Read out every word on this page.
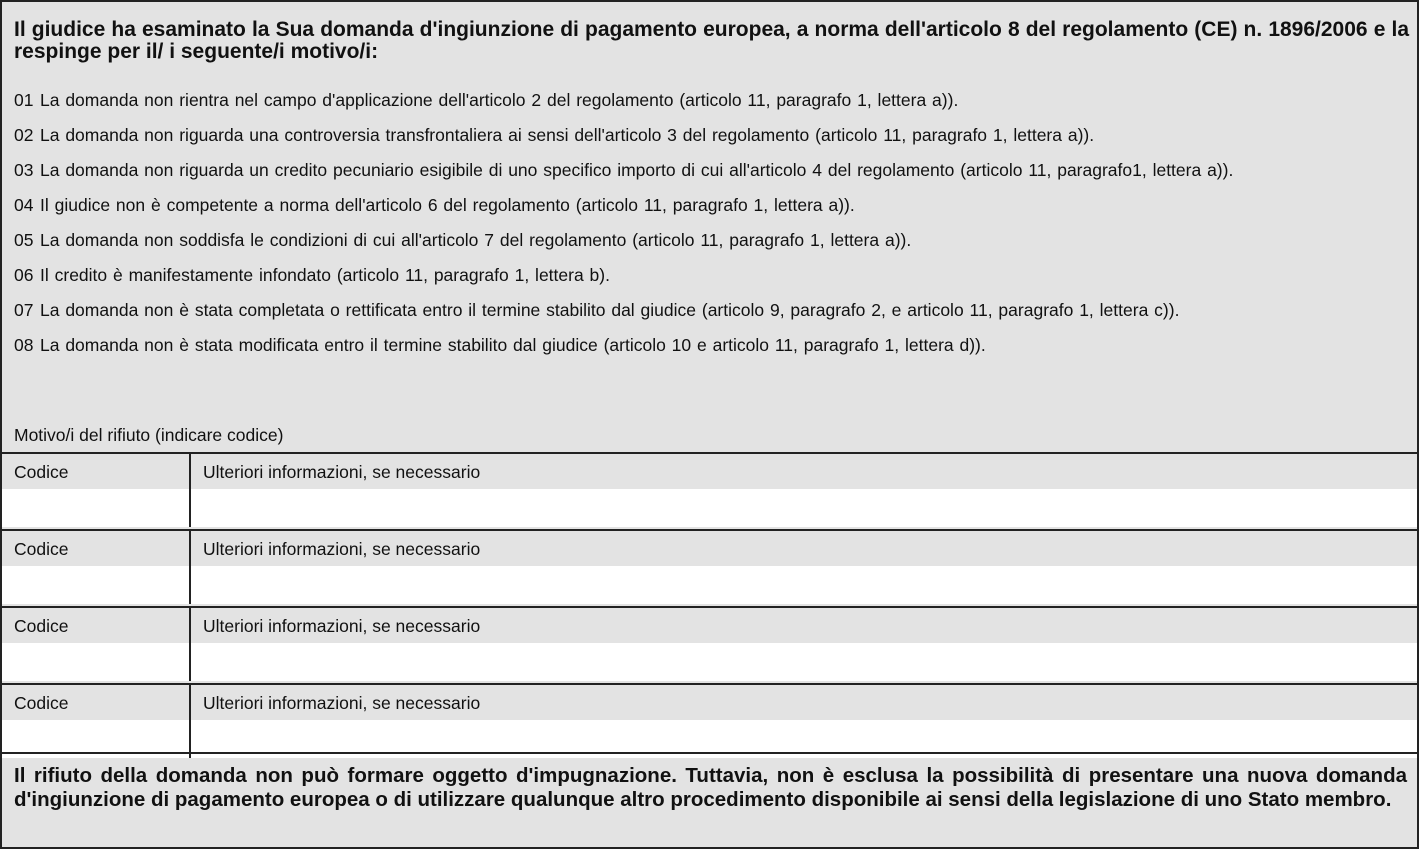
Il giudice ha esaminato la Sua domanda d'ingiunzione di pagamento europea, a norma dell'articolo 8 del regolamento (CE) n. 1896/2006 e la respinge per il/ i seguente/i motivo/i:
01 La domanda non rientra nel campo d'applicazione dell'articolo 2 del regolamento (articolo 11, paragrafo 1, lettera a)).
02 La domanda non riguarda una controversia transfrontaliera ai sensi dell'articolo 3 del regolamento (articolo 11, paragrafo 1, lettera a)).
03 La domanda non riguarda un credito pecuniario esigibile di uno specifico importo di cui all'articolo 4 del regolamento (articolo 11, paragrafo1, lettera a)).
04 Il giudice non è competente a norma dell'articolo 6 del regolamento (articolo 11, paragrafo 1, lettera a)).
05 La domanda non soddisfa le condizioni di cui all'articolo 7 del regolamento (articolo 11, paragrafo 1, lettera a)).
06 Il credito è manifestamente infondato (articolo 11, paragrafo 1, lettera b).
07 La domanda non è stata completata o rettificata entro il termine stabilito dal giudice (articolo 9, paragrafo 2, e articolo 11, paragrafo 1, lettera c)).
08 La domanda non è stata modificata entro il termine stabilito dal giudice (articolo 10 e articolo 11, paragrafo 1, lettera d)).
Motivo/i del rifiuto (indicare codice)
Codice	Ulteriori informazioni, se necessario
Codice	Ulteriori informazioni, se necessario
Codice	Ulteriori informazioni, se necessario
Codice	Ulteriori informazioni, se necessario
Il rifiuto della domanda non può formare oggetto d'impugnazione. Tuttavia, non è esclusa la possibilità di presentare una nuova domanda d'ingiunzione di pagamento europea o di utilizzare qualunque altro procedimento disponibile ai sensi della legislazione di uno Stato membro.
